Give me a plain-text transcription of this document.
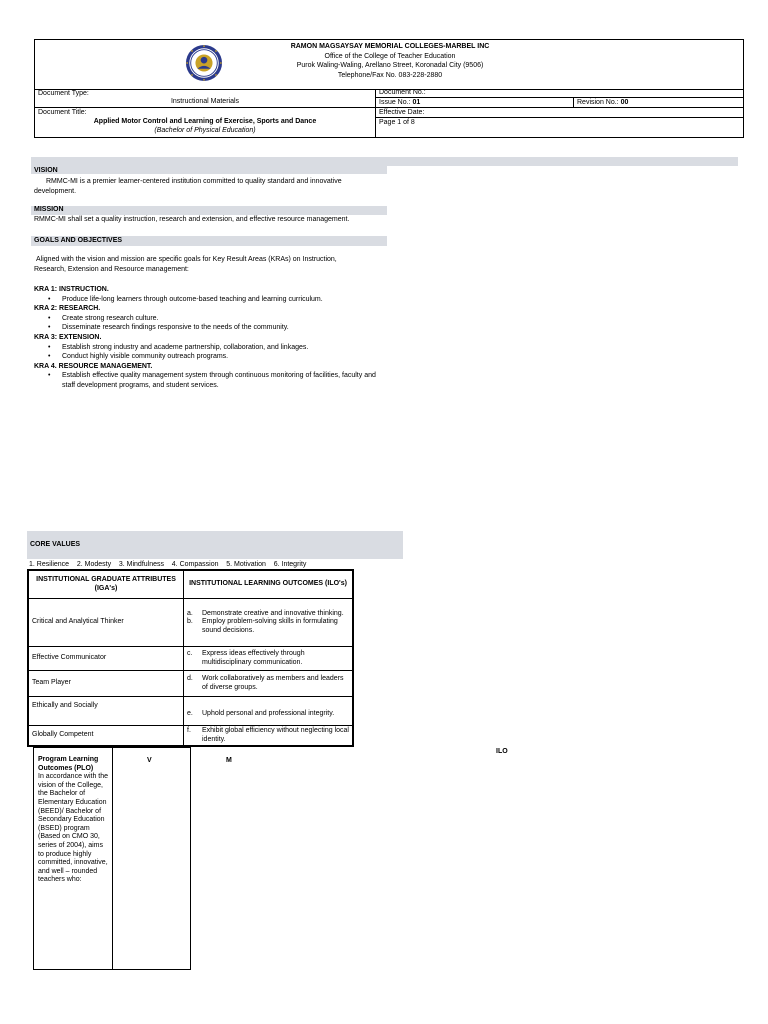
RAMON MAGSAYSAY MEMORIAL COLLEGES-MARBEL INC
Office of the College of Teacher Education
Purok Waling-Waling, Arellano Street, Koronadal City (9506)
Telephone/Fax No. 083-228-2880
Document Type:
Instructional Materials
Document Title:
Applied Motor Control and Learning of Exercise, Sports and Dance
(Bachelor of Physical Education)
Document No.:
Issue No.: 01	Revision No.: 00
Effective Date:
Page 1 of 8
VISION
RMMC-MI is a premier learner-centered institution committed to quality standard and innovative development.
MISSION
RMMC-MI shall set a quality instruction, research and extension, and effective resource management.
GOALS AND OBJECTIVES
Aligned with the vision and mission are specific goals for Key Result Areas (KRAs) on Instruction, Research, Extension and Resource management:
KRA 1: INSTRUCTION.
• Produce life-long learners through outcome-based teaching and learning curriculum.
KRA 2: RESEARCH.
• Create strong research culture.
• Disseminate research findings responsive to the needs of the community.
KRA 3: EXTENSION.
• Establish strong industry and academe partnership, collaboration, and linkages.
• Conduct highly visible community outreach programs.
KRA 4. RESOURCE MANAGEMENT.
• Establish effective quality management system through continuous monitoring of facilities, faculty and staff development programs, and student services.
CORE VALUES
1. Resilience    2. Modesty    3. Mindfulness    4. Compassion    5. Motivation    6. Integrity
INSTITUTIONAL GRADUATE ATTRIBUTES (IGA's)	INSTITUTIONAL LEARNING OUTCOMES (ILO's)
Critical and Analytical Thinker	a. Demonstrate creative and innovative thinking.
b. Employ problem-solving skills in formulating sound decisions.

Effective Communicator	c. Express ideas effectively through multidisciplinary communication.

Team Player	d. Work collaboratively as members and leaders of diverse groups.

Ethically and Socially	e. Uphold personal and professional integrity.

Globally Competent	f. Exhibit global efficiency without neglecting local identity.
Program Learning Outcomes (PLO)
In accordance with the vision of the College, the Bachelor of Elementary Education (BEED)/ Bachelor of Secondary Education (BSED) program (Based on CMO 30, series of 2004), aims to produce highly committed, innovative, and well – rounded teachers who:
V	M
ILO
